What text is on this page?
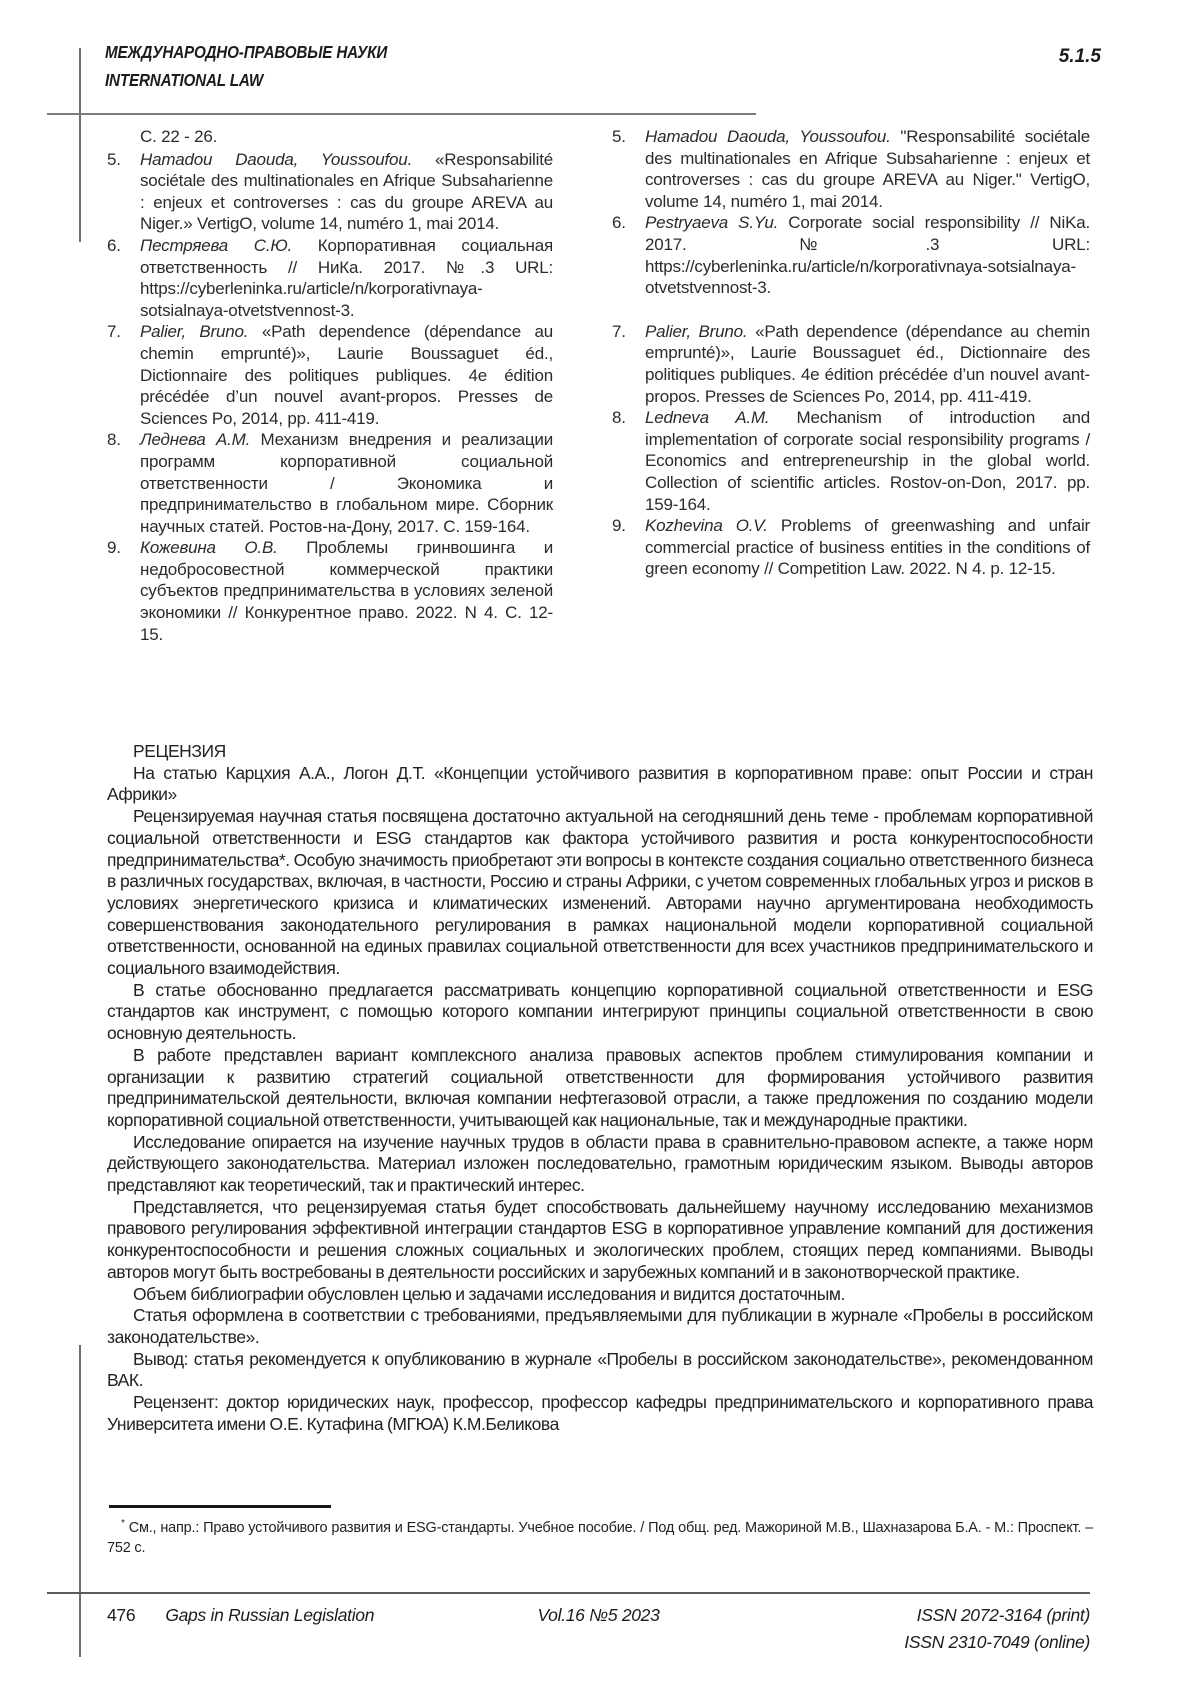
МЕЖДУНАРОДНО-ПРАВОВЫЕ НАУКИ
INTERNATIONAL LAW
5.1.5
С. 22 - 26.
5.	Hamadou Daouda, Youssoufou. «Responsabilité sociétale des multinationales en Afrique Subsaharienne : enjeux et controverses : cas du groupe AREVA au Niger.» VertigO, volume 14, numéro 1, mai 2014.
6.	Пестряева С.Ю. Корпоративная социальная ответственность // НиКа. 2017. №.3 URL: https://cyberleninka.ru/article/n/korporativnaya-sotsialnaya-otvetstvennost-3.
7.	Palier, Bruno. «Path dependence (dépendance au chemin emprunté)», Laurie Boussaguet éd., Dictionnaire des politiques publiques. 4e édition précédée d’un nouvel avant-propos. Presses de Sciences Po, 2014, pp. 411-419.
8.	Леднева А.М. Механизм внедрения и реализации программ корпоративной социальной ответственности / Экономика и предпринимательство в глобальном мире. Сборник научных статей. Ростов-на-Дону, 2017. С. 159-164.
9.	Кожевина О.В. Проблемы гринвошинга и недобросовестной коммерческой практики субъектов предпринимательства в условиях зеленой экономики // Конкурентное право. 2022. N 4. С. 12-15.
5.	Hamadou Daouda, Youssoufou. "Responsabilité sociétale des multinationales en Afrique Subsaharienne : enjeux et controverses : cas du groupe AREVA au Niger." VertigO, volume 14, numéro 1, mai 2014.
6.	Pestryaeva S.Yu. Corporate social responsibility // NiKa. 2017. №.3 URL: https://cyberleninka.ru/article/n/korporativnaya-sotsialnaya-otvetstvennost-3.
7.	Palier, Bruno. «Path dependence (dépendance au chemin emprunté)», Laurie Boussaguet éd., Dictionnaire des politiques publiques. 4e édition précédée d’un nouvel avant-propos. Presses de Sciences Po, 2014, pp. 411-419.
8.	Ledneva A.M. Mechanism of introduction and implementation of corporate social responsibility programs / Economics and entrepreneurship in the global world. Collection of scientific articles. Rostov-on-Don, 2017. pp. 159-164.
9.	Kozhevina O.V. Problems of greenwashing and unfair commercial practice of business entities in the conditions of green economy // Competition Law. 2022. N 4. p. 12-15.

РЕЦЕНЗИЯ

На статью Карцхия А.А., Логон Д.Т. «Концепции устойчивого развития в корпоративном праве: опыт России и стран Африки»

Рецензируемая научная статья посвящена достаточно актуальной на сегодняшний день теме - проблемам корпоративной социальной ответственности и ESG стандартов как фактора устойчивого развития и роста конкурентоспособности предпринимательства*. Особую значимость приобретают эти вопросы в контексте создания социально ответственного бизнеса в различных государствах, включая, в частности, Россию и страны Африки, с учетом современных глобальных угроз и рисков в условиях энергетического кризиса и климатических изменений. Авторами научно аргументирована необходимость совершенствования законодательного регулирования в рамках национальной модели корпоративной социальной ответственности, основанной на единых правилах социальной ответственности для всех участников предпринимательского и социального взаимодействия.

В статье обоснованно предлагается рассматривать концепцию корпоративной социальной ответственности и ESG стандартов как инструмент, с помощью которого компании интегрируют принципы социальной ответственности в свою основную деятельность.

В работе представлен вариант комплексного анализа правовых аспектов проблем стимулирования компании и организации к развитию стратегий социальной ответственности для формирования устойчивого развития предпринимательской деятельности, включая компании нефтегазовой отрасли, а также предложения по созданию модели корпоративной социальной ответственности, учитывающей как национальные, так и международные практики.

Исследование опирается на изучение научных трудов в области права в сравнительно-правовом аспекте, а также норм действующего законодательства. Материал изложен последовательно, грамотным юридическим языком. Выводы авторов представляют как теоретический, так и практический интерес.

Представляется, что рецензируемая статья будет способствовать дальнейшему научному исследованию механизмов правового регулирования эффективной интеграции стандартов ESG в корпоративное управление компаний для достижения конкурентоспособности и решения сложных социальных и экологических проблем, стоящих перед компаниями. Выводы авторов могут быть востребованы в деятельности российских и зарубежных компаний и в законотворческой практике.

Объем библиографии обусловлен целью и задачами исследования и видится достаточным.

Статья оформлена в соответствии с требованиями, предъявляемыми для публикации в журнале «Пробелы в российском законодательстве».

Вывод: статья рекомендуется к опубликованию в журнале «Пробелы в российском законодательстве», рекомендованном ВАК.

Рецензент: доктор юридических наук, профессор, профессор кафедры предпринимательского и корпоративного права Университета имени О.Е. Кутафина (МГЮА) К.М.Беликова

* См., напр.: Право устойчивого развития и ESG-стандарты. Учебное пособие. / Под общ. ред. Мажориной М.В., Шахназарова Б.А. - М.: Проспект. – 752 с.
476 Gaps in Russian Legislation	Vol.16 №5 2023	ISSN 2072-3164 (print)
ISSN 2310-7049 (online)
